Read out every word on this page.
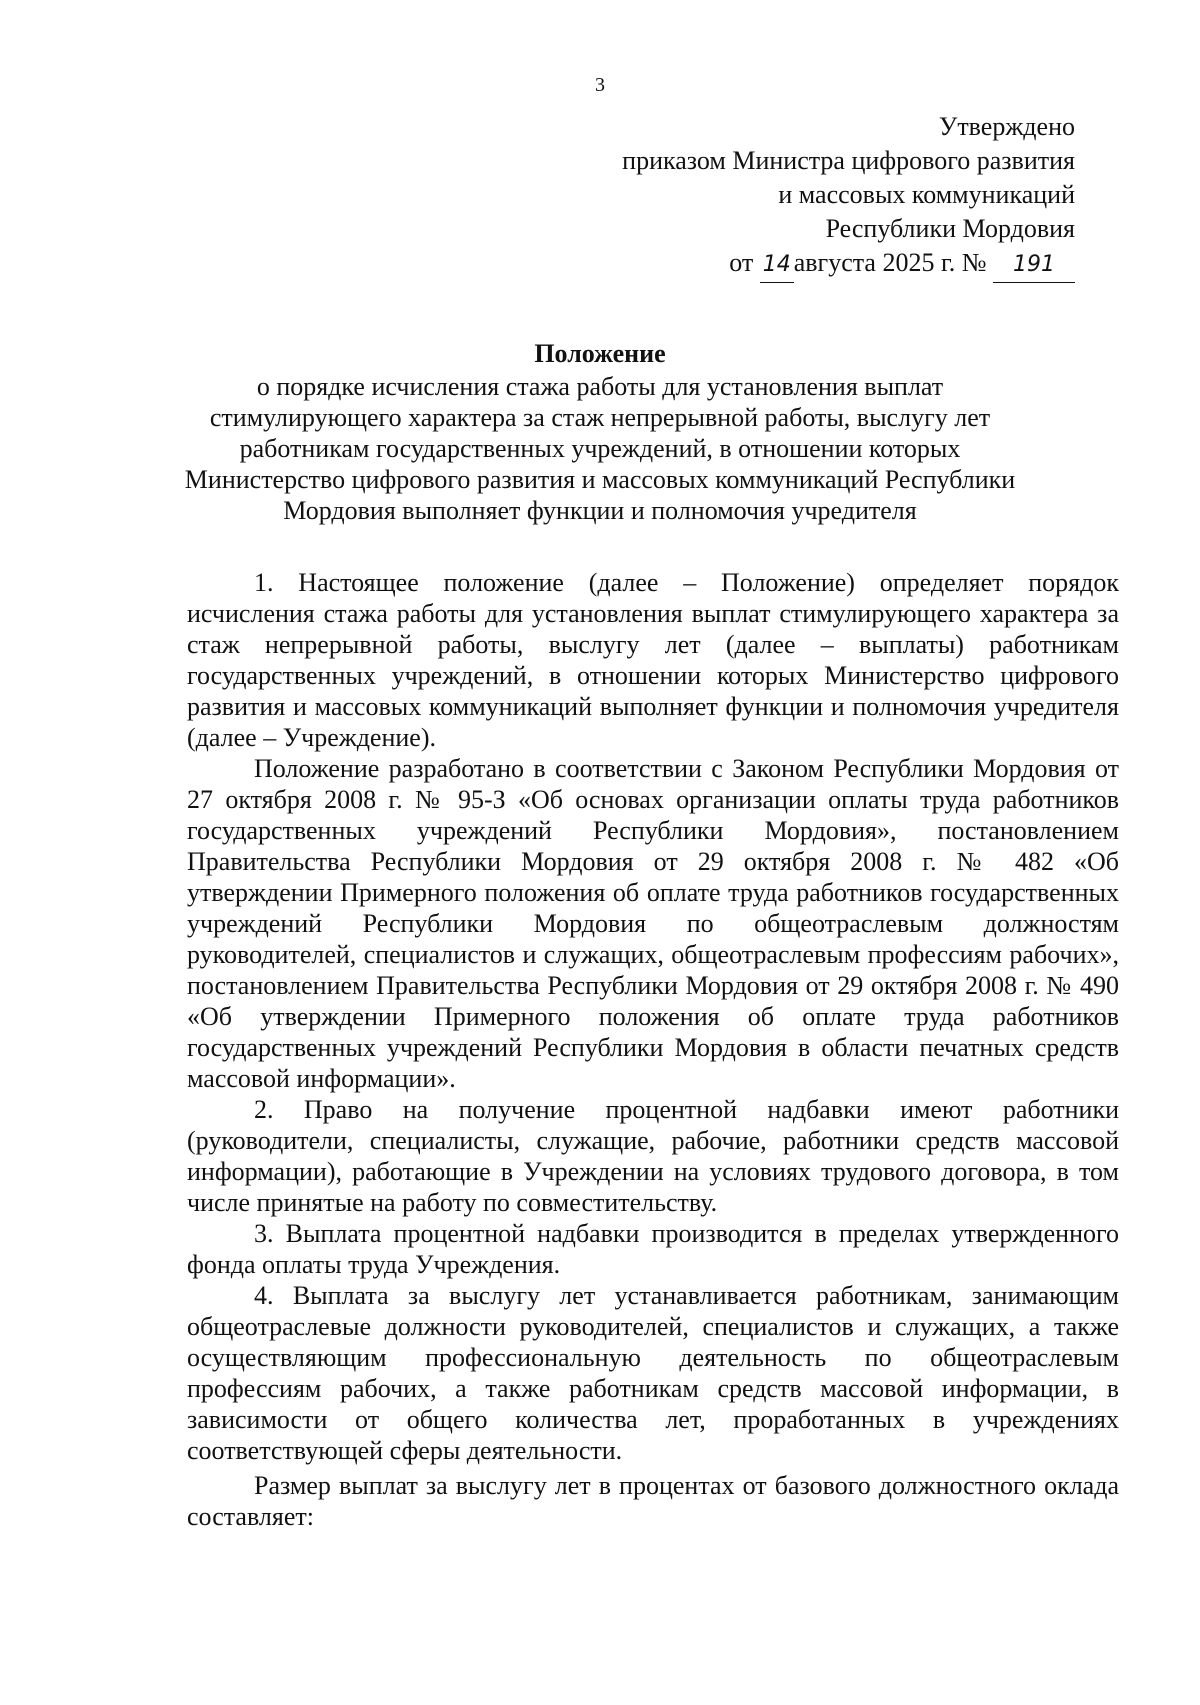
3
Утверждено
приказом Министра цифрового развития
и массовых коммуникаций
Республики Мордовия
от 14 августа 2025 г. № 191
Положение
о порядке исчисления стажа работы для установления выплат
стимулирующего характера за стаж непрерывной работы, выслугу лет
работникам государственных учреждений, в отношении которых
Министерство цифрового развития и массовых коммуникаций Республики
Мордовия выполняет функции и полномочия учредителя

1. Настоящее положение (далее – Положение) определяет порядок исчисления стажа работы для установления выплат стимулирующего характера за стаж непрерывной работы, выслугу лет (далее – выплаты) работникам государственных учреждений, в отношении которых Министерство цифрового развития и массовых коммуникаций выполняет функции и полномочия учредителя (далее – Учреждение).

Положение разработано в соответствии с Законом Республики Мордовия от 27 октября 2008 г. № 95-З «Об основах организации оплаты труда работников государственных учреждений Республики Мордовия», постановлением Правительства Республики Мордовия от 29 октября 2008 г. № 482 «Об утверждении Примерного положения об оплате труда работников государственных учреждений Республики Мордовия по общеотраслевым должностям руководителей, специалистов и служащих, общеотраслевым профессиям рабочих», постановлением Правительства Республики Мордовия от 29 октября 2008 г. № 490 «Об утверждении Примерного положения об оплате труда работников государственных учреждений Республики Мордовия в области печатных средств массовой информации».

2. Право на получение процентной надбавки имеют работники (руководители, специалисты, служащие, рабочие, работники средств массовой информации), работающие в Учреждении на условиях трудового договора, в том числе принятые на работу по совместительству.

3. Выплата процентной надбавки производится в пределах утвержденного фонда оплаты труда Учреждения.

4. Выплата за выслугу лет устанавливается работникам, занимающим общеотраслевые должности руководителей, специалистов и служащих, а также осуществляющим профессиональную деятельность по общеотраслевым профессиям рабочих, а также работникам средств массовой информации, в зависимости от общего количества лет, проработанных в учреждениях соответствующей сферы деятельности.

Размер выплат за выслугу лет в процентах от базового должностного оклада составляет:
